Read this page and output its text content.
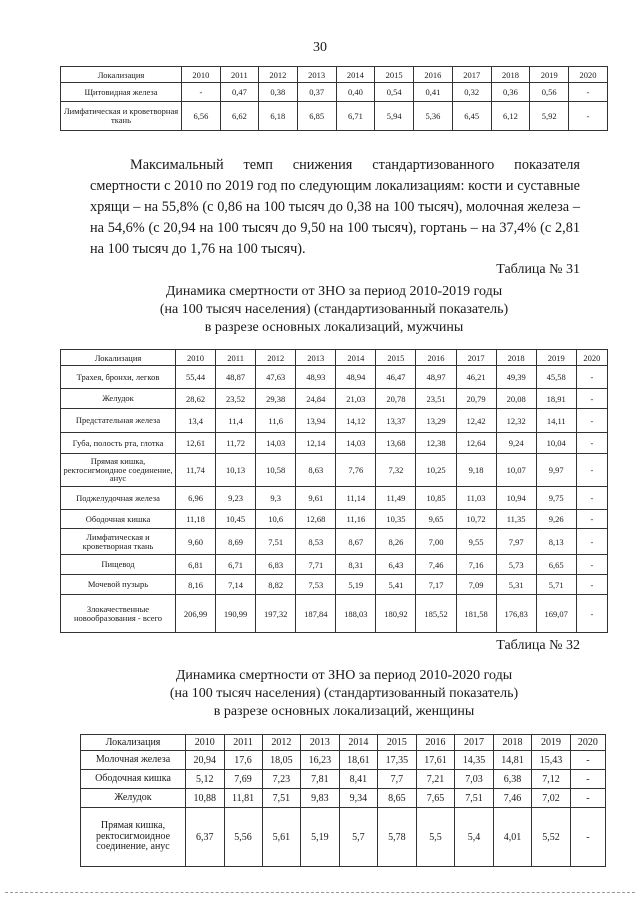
30
Локализация	2010	2011	2012	2013	2014	2015	2016	2017	2018	2019	2020
Щитовидная железа	-	0,47	0,38	0,37	0,40	0,54	0,41	0,32	0,36	0,56	-
Лимфатическая и кроветворная ткань	6,56	6,62	6,18	6,85	6,71	5,94	5,36	6,45	6,12	5,92	-
Максимальный темп снижения стандартизованного показателя смертности с 2010 по 2019 год по следующим локализациям: кости и суставные хрящи – на 55,8% (с 0,86 на 100 тысяч до 0,38 на 100 тысяч), молочная железа – на 54,6% (с 20,94 на 100 тысяч до 9,50 на 100 тысяч), гортань – на 37,4% (с 2,81 на 100 тысяч до 1,76 на 100 тысяч).
Таблица № 31
Динамика смертности от ЗНО за период 2010-2019 годы
(на 100 тысяч населения) (стандартизованный показатель)
в разрезе основных локализаций, мужчины
Локализация	2010	2011	2012	2013	2014	2015	2016	2017	2018	2019	2020
Трахея, бронхи, легков	55,44	48,87	47,63	48,93	48,94	46,47	48,97	46,21	49,39	45,58	-
Желудок	28,62	23,52	29,38	24,84	21,03	20,78	23,51	20,79	20,08	18,91	-
Предстательная железа	13,4	11,4	11,6	13,94	14,12	13,37	13,29	12,42	12,32	14,11	-
Губа, полость рта, глотка	12,61	11,72	14,03	12,14	14,03	13,68	12,38	12,64	9,24	10,04	-
Прямая кишка, ректосигмоидное соединение, анус	11,74	10,13	10,58	8,63	7,76	7,32	10,25	9,18	10,07	9,97	-
Поджелудочная железа	6,96	9,23	9,3	9,61	11,14	11,49	10,85	11,03	10,94	9,75	-
Ободочная кишка	11,18	10,45	10,6	12,68	11,16	10,35	9,65	10,72	11,35	9,26	-
Лимфатическая и кроветворная ткань	9,60	8,69	7,51	8,53	8,67	8,26	7,00	9,55	7,97	8,13	-
Пищевод	6,81	6,71	6,83	7,71	8,31	6,43	7,46	7,16	5,73	6,65	-
Мочевой пузырь	8,16	7,14	8,82	7,53	5,19	5,41	7,17	7,09	5,31	5,71	-
Злокачественные новообразования - всего	206,99	190,99	197,32	187,84	188,03	180,92	185,52	181,58	176,83	169,07	-
Таблица № 32
Динамика смертности от ЗНО за период 2010-2020 годы
(на 100 тысяч населения) (стандартизованный показатель)
в разрезе основных локализаций, женщины
Локализация	2010	2011	2012	2013	2014	2015	2016	2017	2018	2019	2020
Молочная железа	20,94	17,6	18,05	16,23	18,61	17,35	17,61	14,35	14,81	15,43	-
Ободочная кишка	5,12	7,69	7,23	7,81	8,41	7,7	7,21	7,03	6,38	7,12	-
Желудок	10,88	11,81	7,51	9,83	9,34	8,65	7,65	7,51	7,46	7,02	-
Прямая кишка, ректосигмоидное соединение, анус	6,37	5,56	5,61	5,19	5,7	5,78	5,5	5,4	4,01	5,52	-
